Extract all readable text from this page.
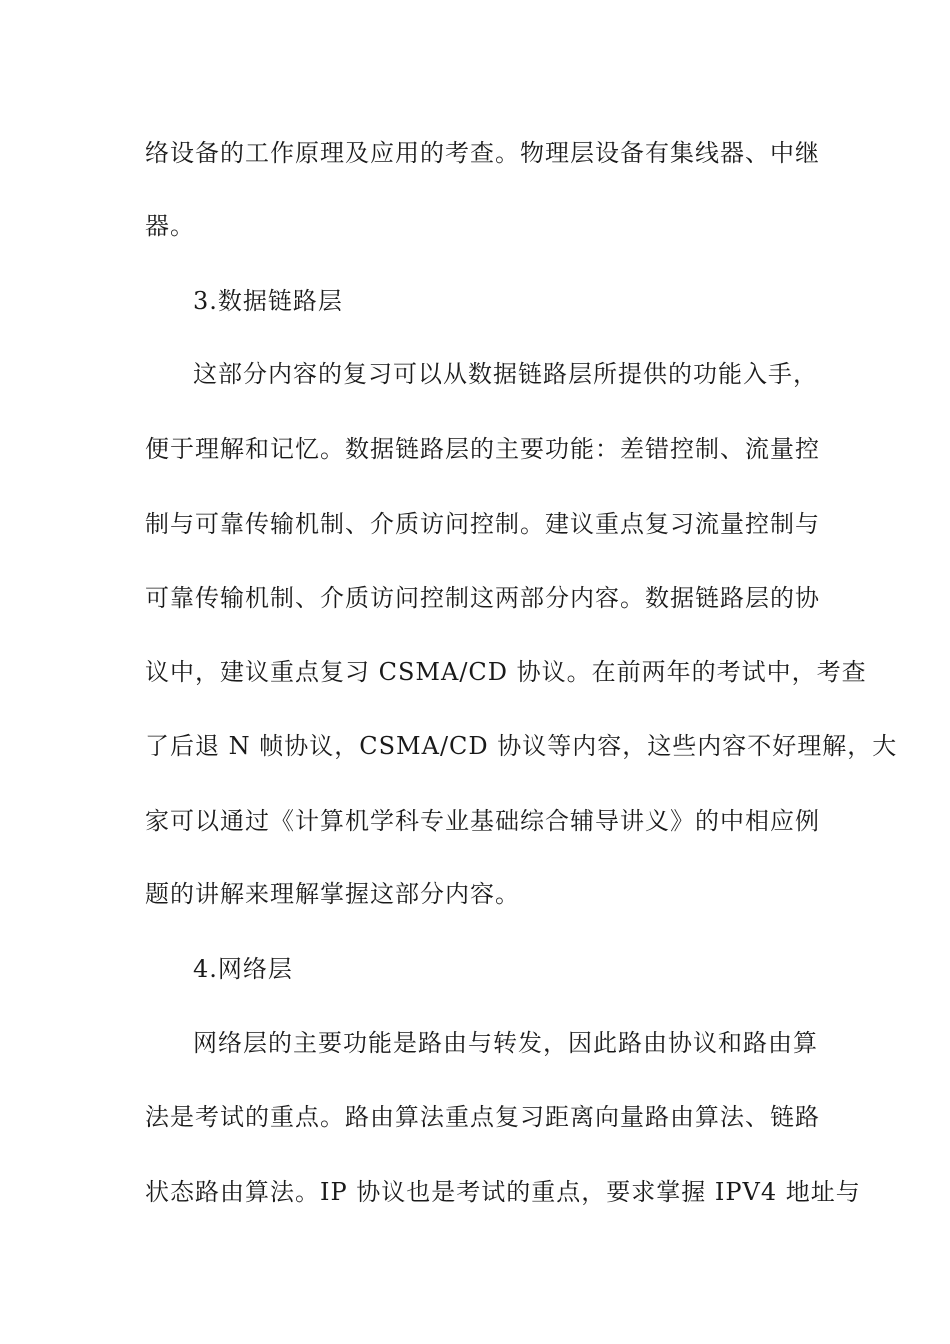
络设备的工作原理及应用的考查。物理层设备有集线器、中继
器。
3.数据链路层
这部分内容的复习可以从数据链路层所提供的功能入手，
便于理解和记忆。数据链路层的主要功能：差错控制、流量控
制与可靠传输机制、介质访问控制。建议重点复习流量控制与
可靠传输机制、介质访问控制这两部分内容。数据链路层的协
议中，建议重点复习 CSMA/CD 协议。在前两年的考试中，考查
了后退 N 帧协议，CSMA/CD 协议等内容，这些内容不好理解，大
家可以通过《计算机学科专业基础综合辅导讲义》的中相应例
题的讲解来理解掌握这部分内容。
4.网络层
网络层的主要功能是路由与转发，因此路由协议和路由算
法是考试的重点。路由算法重点复习距离向量路由算法、链路
状态路由算法。IP 协议也是考试的重点，要求掌握 IPV4 地址与
